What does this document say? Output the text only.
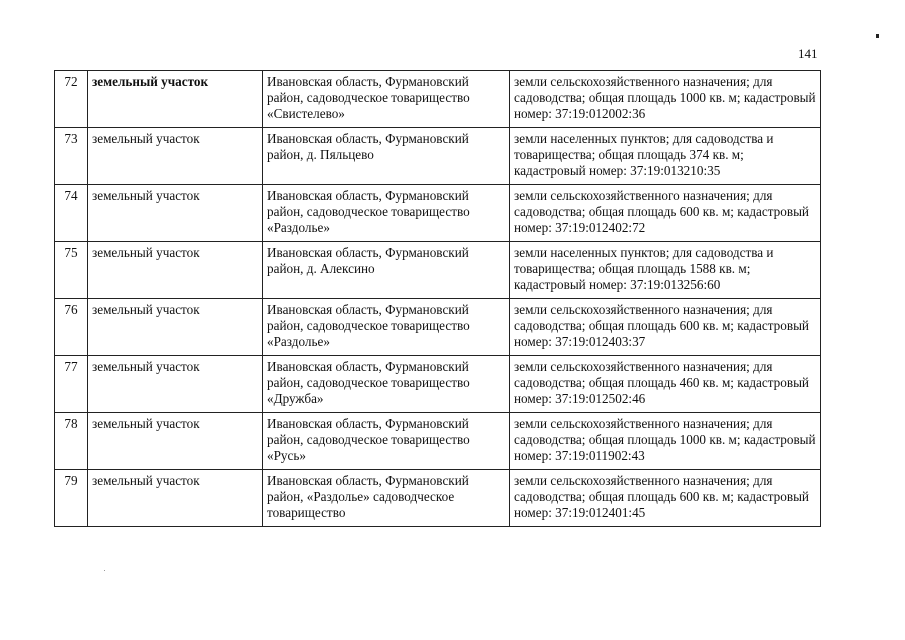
141
72	земельный участок	Ивановская область, Фурмановский район, садоводческое товарищество «Свистелево»	земли сельскохозяйственного назначения; для садоводства; общая площадь 1000 кв. м; кадастровый номер: 37:19:012002:36
73	земельный участок	Ивановская область, Фурмановский район, д. Пяльцево	земли населенных пунктов; для садоводства и товарищества; общая площадь 374 кв. м; кадастровый номер: 37:19:013210:35
74	земельный участок	Ивановская область, Фурмановский район, садоводческое товарищество «Раздолье»	земли сельскохозяйственного назначения; для садоводства; общая площадь 600 кв. м; кадастровый номер: 37:19:012402:72
75	земельный участок	Ивановская область, Фурмановский район, д. Алексино	земли населенных пунктов; для садоводства и товарищества; общая площадь 1588 кв. м; кадастровый номер: 37:19:013256:60
76	земельный участок	Ивановская область, Фурмановский район, садоводческое товарищество «Раздолье»	земли сельскохозяйственного назначения; для садоводства; общая площадь 600 кв. м; кадастровый номер: 37:19:012403:37
77	земельный участок	Ивановская область, Фурмановский район, садоводческое товарищество «Дружба»	земли сельскохозяйственного назначения; для садоводства; общая площадь 460 кв. м; кадастровый номер: 37:19:012502:46
78	земельный участок	Ивановская область, Фурмановский район, садоводческое товарищество «Русь»	земли сельскохозяйственного назначения; для садоводства; общая площадь 1000 кв. м; кадастровый номер: 37:19:011902:43
79	земельный участок	Ивановская область, Фурмановский район, «Раздолье» садоводческое товарищество	земли сельскохозяйственного назначения; для садоводства; общая площадь 600 кв. м; кадастровый номер: 37:19:012401:45
